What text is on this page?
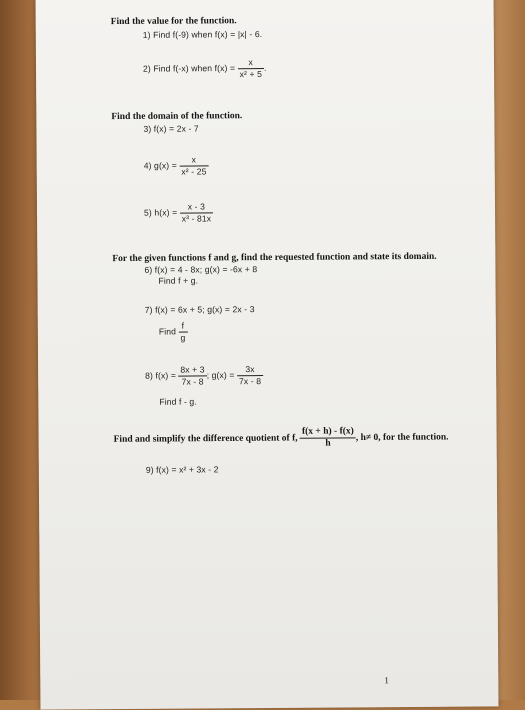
Find the value for the function.
1) Find f(-9) when f(x) = |x| - 6.
2) Find f(-x) when $f(x) = \frac{x}{\text{x² + 5}}$ .
Find the domain of the function.
3) f(x) = 2x - 7
4) $g(x) = \frac{x}{\text{x² - 25}}$
5) $h(x) = \frac{x - 3}{\text{x³ - 81x}}$
For the given functions f and g, find the requested function and state its domain.
6) f(x) = 4 - 8x; g(x) = -6x + 8
Find f + g.
7) f(x) = 6x + 5; g(x) = 2x - 3
Find $\frac{f}{g}$
8) $f(x) = \frac{8x + 3}{7x - 8}$ ; $g(x) = \frac{3x}{7x - 8}$
Find f - g.
Find and simplify the difference quotient of f, $\frac{f(x + h) - f(x)}{h}$ , h≠ 0, for the function.
9) f(x) = x² + 3x - 2
1
